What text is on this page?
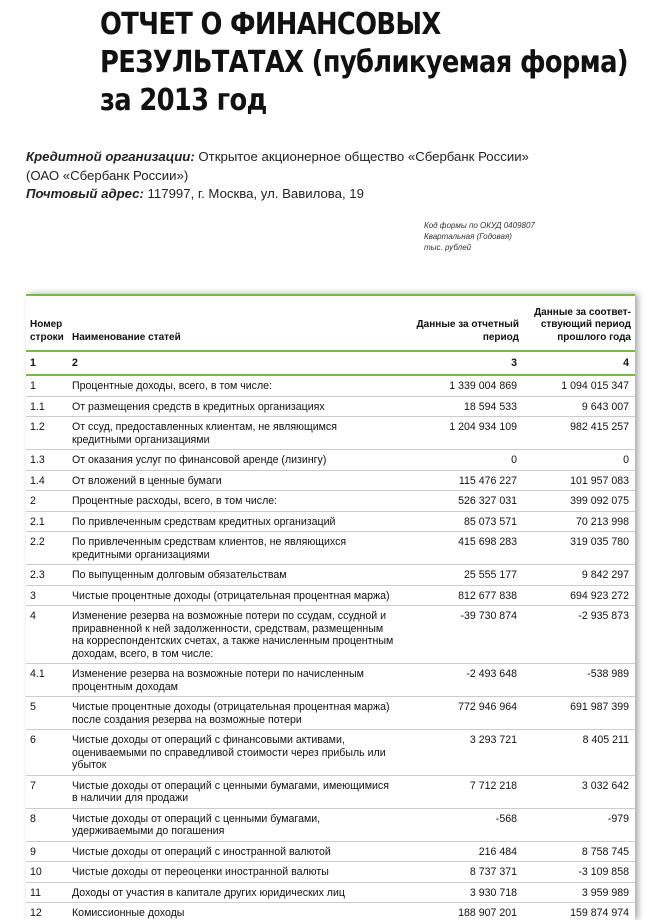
ОТЧЕТ О ФИНАНСОВЫХ
РЕЗУЛЬТАТАХ (публикуемая форма)
за 2013 год
Кредитной организации: Открытое акционерное общество «Сбербанк России»
(ОАО «Сбербанк России»)
Почтовый адрес: 117997, г. Москва, ул. Вавилова, 19
Код формы по ОКУД 0409807
Квартальная (Годовая)
тыс. рублей
Номер строки	Наименование статей	Данные за отчетный период	Данные за соответ-ствующий период прошлого года
1	2	3	4
1	Процентные доходы, всего, в том числе:	1 339 004 869	1 094 015 347
1.1	От размещения средств в кредитных организациях	18 594 533	9 643 007
1.2	От ссуд, предоставленных клиентам, не являющимся кредитными организациями	1 204 934 109	982 415 257
1.3	От оказания услуг по финансовой аренде (лизингу)	0	0
1.4	От вложений в ценные бумаги	115 476 227	101 957 083
2	Процентные расходы, всего, в том числе:	526 327 031	399 092 075
2.1	По привлеченным средствам кредитных организаций	85 073 571	70 213 998
2.2	По привлеченным средствам клиентов, не являющихся кредитными организациями	415 698 283	319 035 780
2.3	По выпущенным долговым обязательствам	25 555 177	9 842 297
3	Чистые процентные доходы (отрицательная процентная маржа)	812 677 838	694 923 272
4	Изменение резерва на возможные потери по ссудам, ссудной и приравненной к ней задолженности, средствам, размещенным на корреспондентских счетах, а также начисленным процентным доходам, всего, в том числе:	-39 730 874	-2 935 873
4.1	Изменение резерва на возможные потери по начисленным процентным доходам	-2 493 648	-538 989
5	Чистые процентные доходы (отрицательная процентная маржа) после создания резерва на возможные потери	772 946 964	691 987 399
6	Чистые доходы от операций с финансовыми активами, оцениваемыми по справедливой стоимости через прибыль или убыток	3 293 721	8 405 211
7	Чистые доходы от операций с ценными бумагами, имеющимися в наличии для продажи	7 712 218	3 032 642
8	Чистые доходы от операций с ценными бумагами, удерживаемыми до погашения	-568	-979
9	Чистые доходы от операций с иностранной валютой	216 484	8 758 745
10	Чистые доходы от переоценки иностранной валюты	8 737 371	-3 109 858
11	Доходы от участия в капитале других юридических лиц	3 930 718	3 959 989
12	Комиссионные доходы	188 907 201	159 874 974
